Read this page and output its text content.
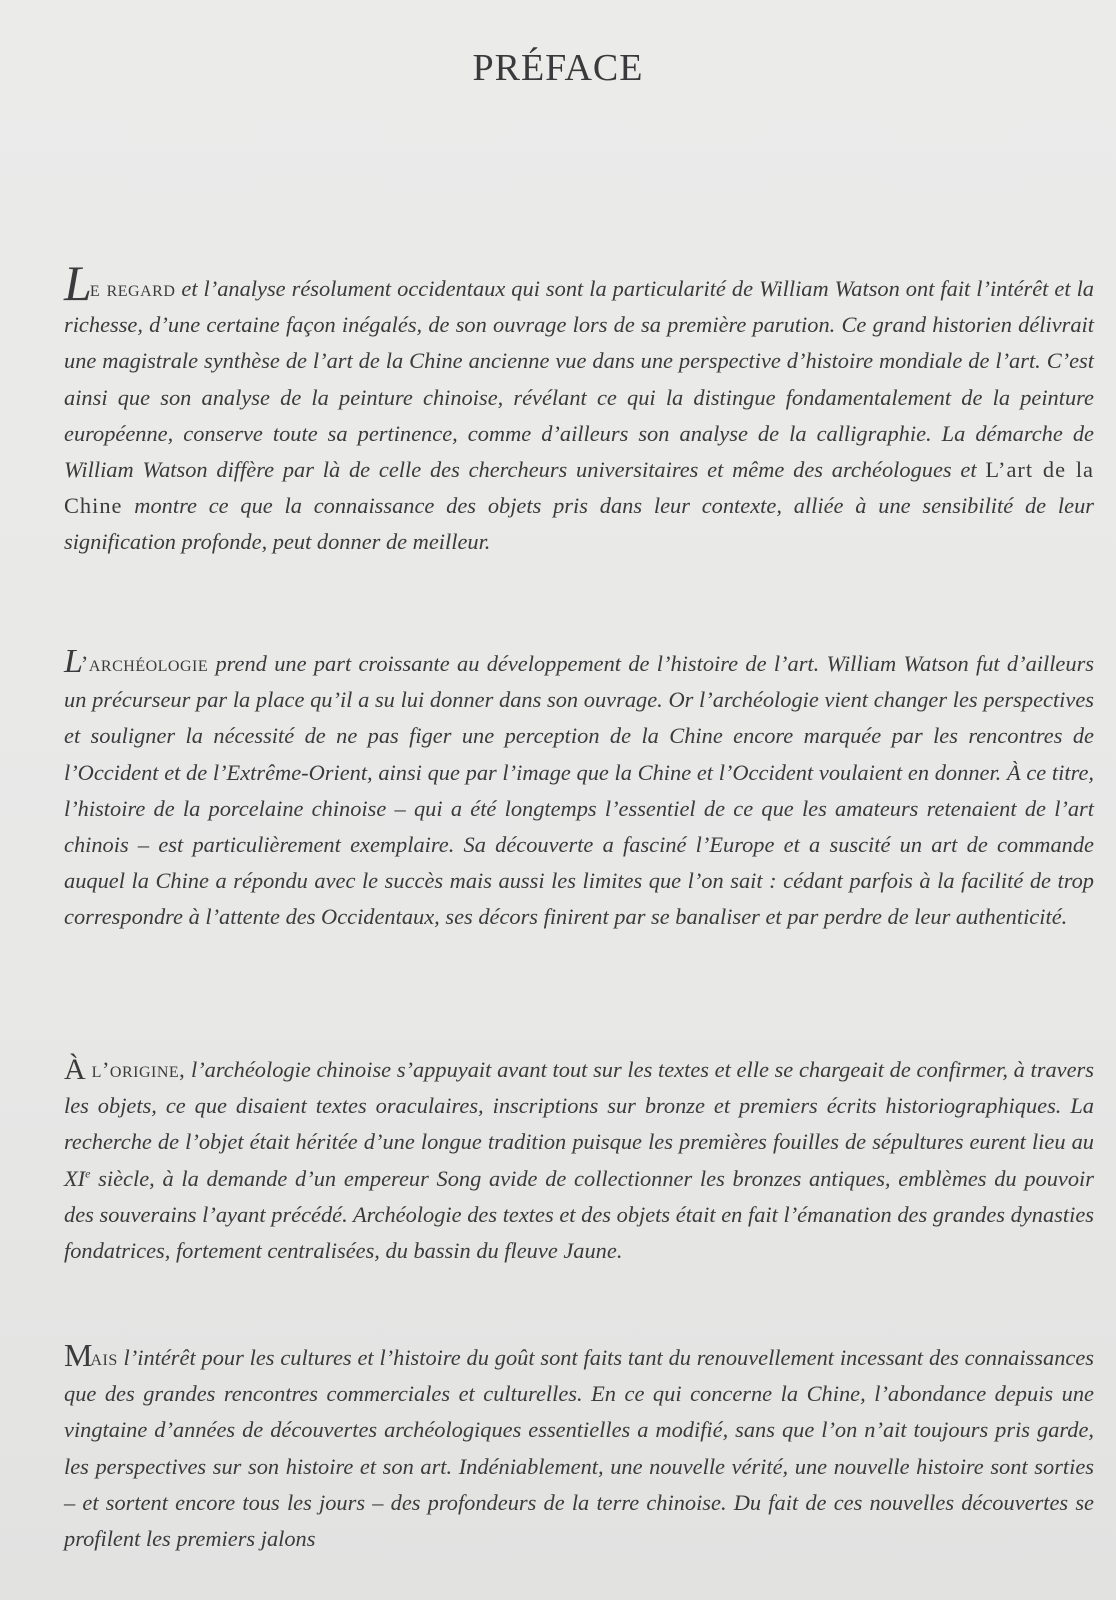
PRÉFACE

Le regard et l’analyse résolument occidentaux qui sont la particularité de William Watson ont fait l’intérêt et la richesse, d’une certaine façon inégalés, de son ouvrage lors de sa première parution. Ce grand historien délivrait une magistrale synthèse de l’art de la Chine ancienne vue dans une perspective d’histoire mondiale de l’art. C’est ainsi que son analyse de la peinture chinoise, révélant ce qui la distingue fondamentalement de la peinture européenne, conserve toute sa pertinence, comme d’ailleurs son analyse de la calligraphie. La démarche de William Watson diffère par là de celle des chercheurs universitaires et même des archéologues et L’art de la Chine montre ce que la connaissance des objets pris dans leur contexte, alliée à une sensibilité de leur signification profonde, peut donner de meilleur.

L’archéologie prend une part croissante au développement de l’histoire de l’art. William Watson fut d’ailleurs un précurseur par la place qu’il a su lui donner dans son ouvrage. Or l’archéologie vient changer les perspectives et souligner la nécessité de ne pas figer une perception de la Chine encore marquée par les rencontres de l’Occident et de l’Extrême-Orient, ainsi que par l’image que la Chine et l’Occident voulaient en donner. À ce titre, l’histoire de la porcelaine chinoise – qui a été longtemps l’essentiel de ce que les amateurs retenaient de l’art chinois – est particulièrement exemplaire. Sa découverte a fasciné l’Europe et a suscité un art de commande auquel la Chine a répondu avec le succès mais aussi les limites que l’on sait : cédant parfois à la facilité de trop correspondre à l’attente des Occidentaux, ses décors finirent par se banaliser et par perdre de leur authenticité.

À l’origine, l’archéologie chinoise s’appuyait avant tout sur les textes et elle se chargeait de confirmer, à travers les objets, ce que disaient textes oraculaires, inscriptions sur bronze et premiers écrits historiographiques. La recherche de l’objet était héritée d’une longue tradition puisque les premières fouilles de sépultures eurent lieu au XIe siècle, à la demande d’un empereur Song avide de collectionner les bronzes antiques, emblèmes du pouvoir des souverains l’ayant précédé. Archéologie des textes et des objets était en fait l’émanation des grandes dynasties fondatrices, fortement centralisées, du bassin du fleuve Jaune.

Mais l’intérêt pour les cultures et l’histoire du goût sont faits tant du renouvellement incessant des connaissances que des grandes rencontres commerciales et culturelles. En ce qui concerne la Chine, l’abondance depuis une vingtaine d’années de découvertes archéologiques essentielles a modifié, sans que l’on n’ait toujours pris garde, les perspectives sur son histoire et son art. Indéniablement, une nouvelle vérité, une nouvelle histoire sont sorties – et sortent encore tous les jours – des profondeurs de la terre chinoise. Du fait de ces nouvelles découvertes se profilent les premiers jalons
